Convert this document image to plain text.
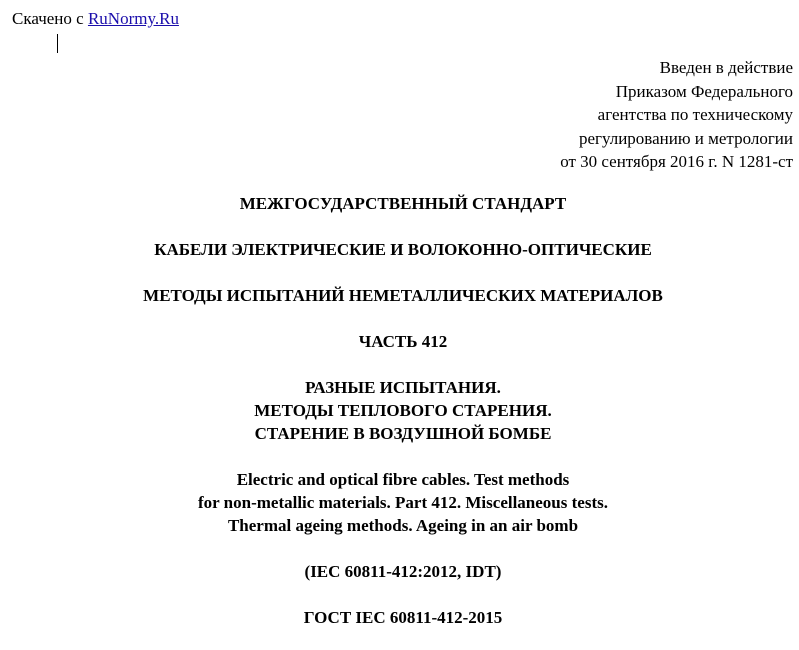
Скачено с RuNormy.Ru
Введен в действие
Приказом Федерального
агентства по техническому
регулированию и метрологии
от 30 сентября 2016 г. N 1281-ст
МЕЖГОСУДАРСТВЕННЫЙ СТАНДАРТ
КАБЕЛИ ЭЛЕКТРИЧЕСКИЕ И ВОЛОКОННО-ОПТИЧЕСКИЕ
МЕТОДЫ ИСПЫТАНИЙ НЕМЕТАЛЛИЧЕСКИХ МАТЕРИАЛОВ
ЧАСТЬ 412
РАЗНЫЕ ИСПЫТАНИЯ.
МЕТОДЫ ТЕПЛОВОГО СТАРЕНИЯ.
СТАРЕНИЕ В ВОЗДУШНОЙ БОМБЕ
Electric and optical fibre cables. Test methods
for non-metallic materials. Part 412. Miscellaneous tests.
Thermal ageing methods. Ageing in an air bomb
(IEC 60811-412:2012, IDT)
ГОСТ IEC 60811-412-2015
